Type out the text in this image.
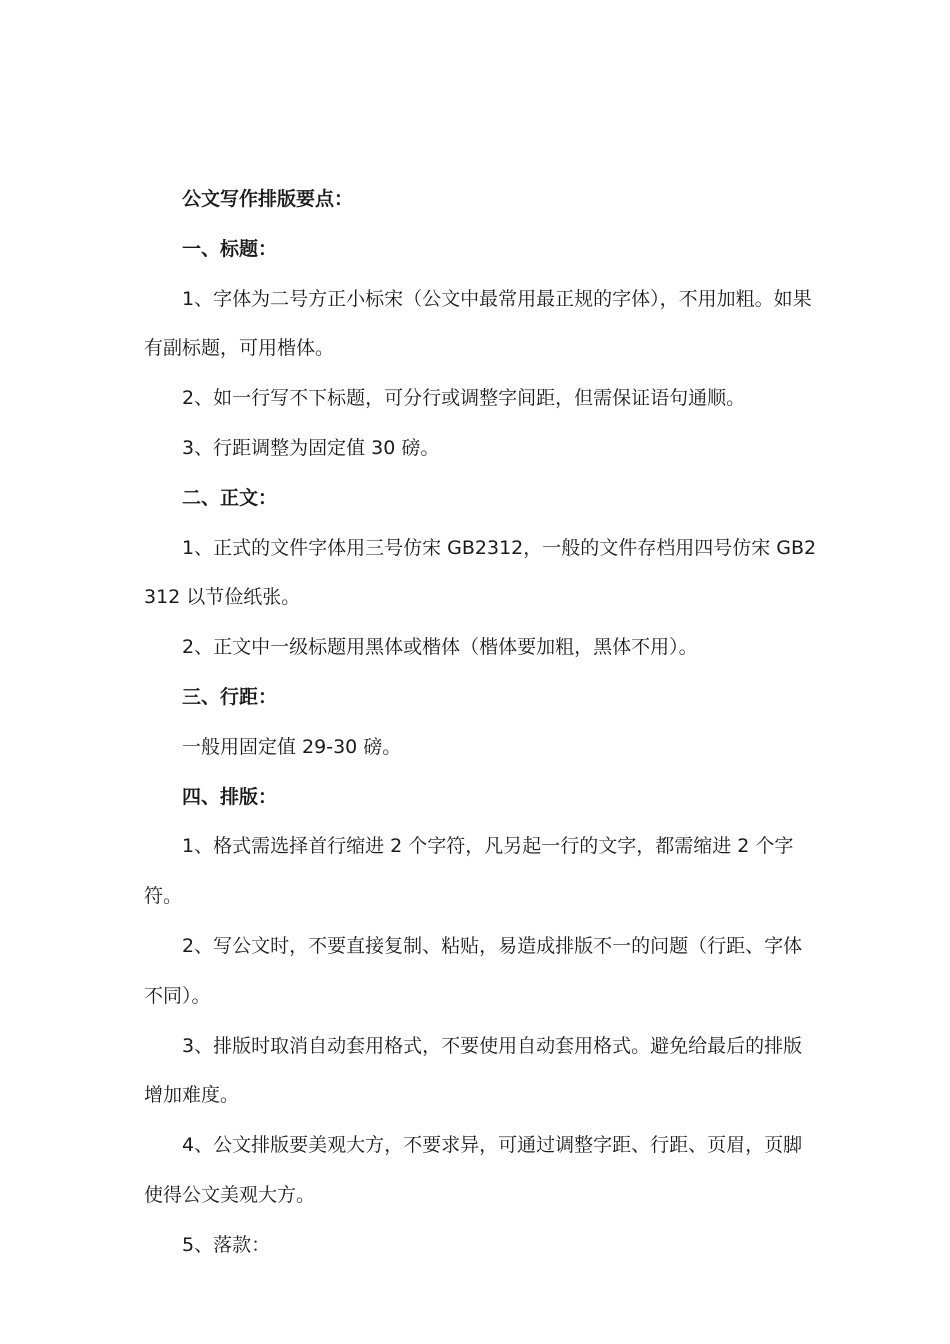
公文写作排版要点：

一、标题：

1、字体为二号方正小标宋（公文中最常用最正规的字体），不用加粗。如果有副标题，可用楷体。

2、如一行写不下标题，可分行或调整字间距，但需保证语句通顺。

3、行距调整为固定值 30 磅。

二、正文：

1、正式的文件字体用三号仿宋 GB2312，一般的文件存档用四号仿宋 GB2312 以节俭纸张。

2、正文中一级标题用黑体或楷体（楷体要加粗，黑体不用）。

三、行距：

一般用固定值 29-30 磅。

四、排版：

1、格式需选择首行缩进 2 个字符，凡另起一行的文字，都需缩进 2 个字符。

2、写公文时，不要直接复制、粘贴，易造成排版不一的问题（行距、字体不同）。

3、排版时取消自动套用格式，不要使用自动套用格式。避免给最后的排版增加难度。

4、公文排版要美观大方，不要求异，可通过调整字距、行距、页眉，页脚使得公文美观大方。

5、落款：
